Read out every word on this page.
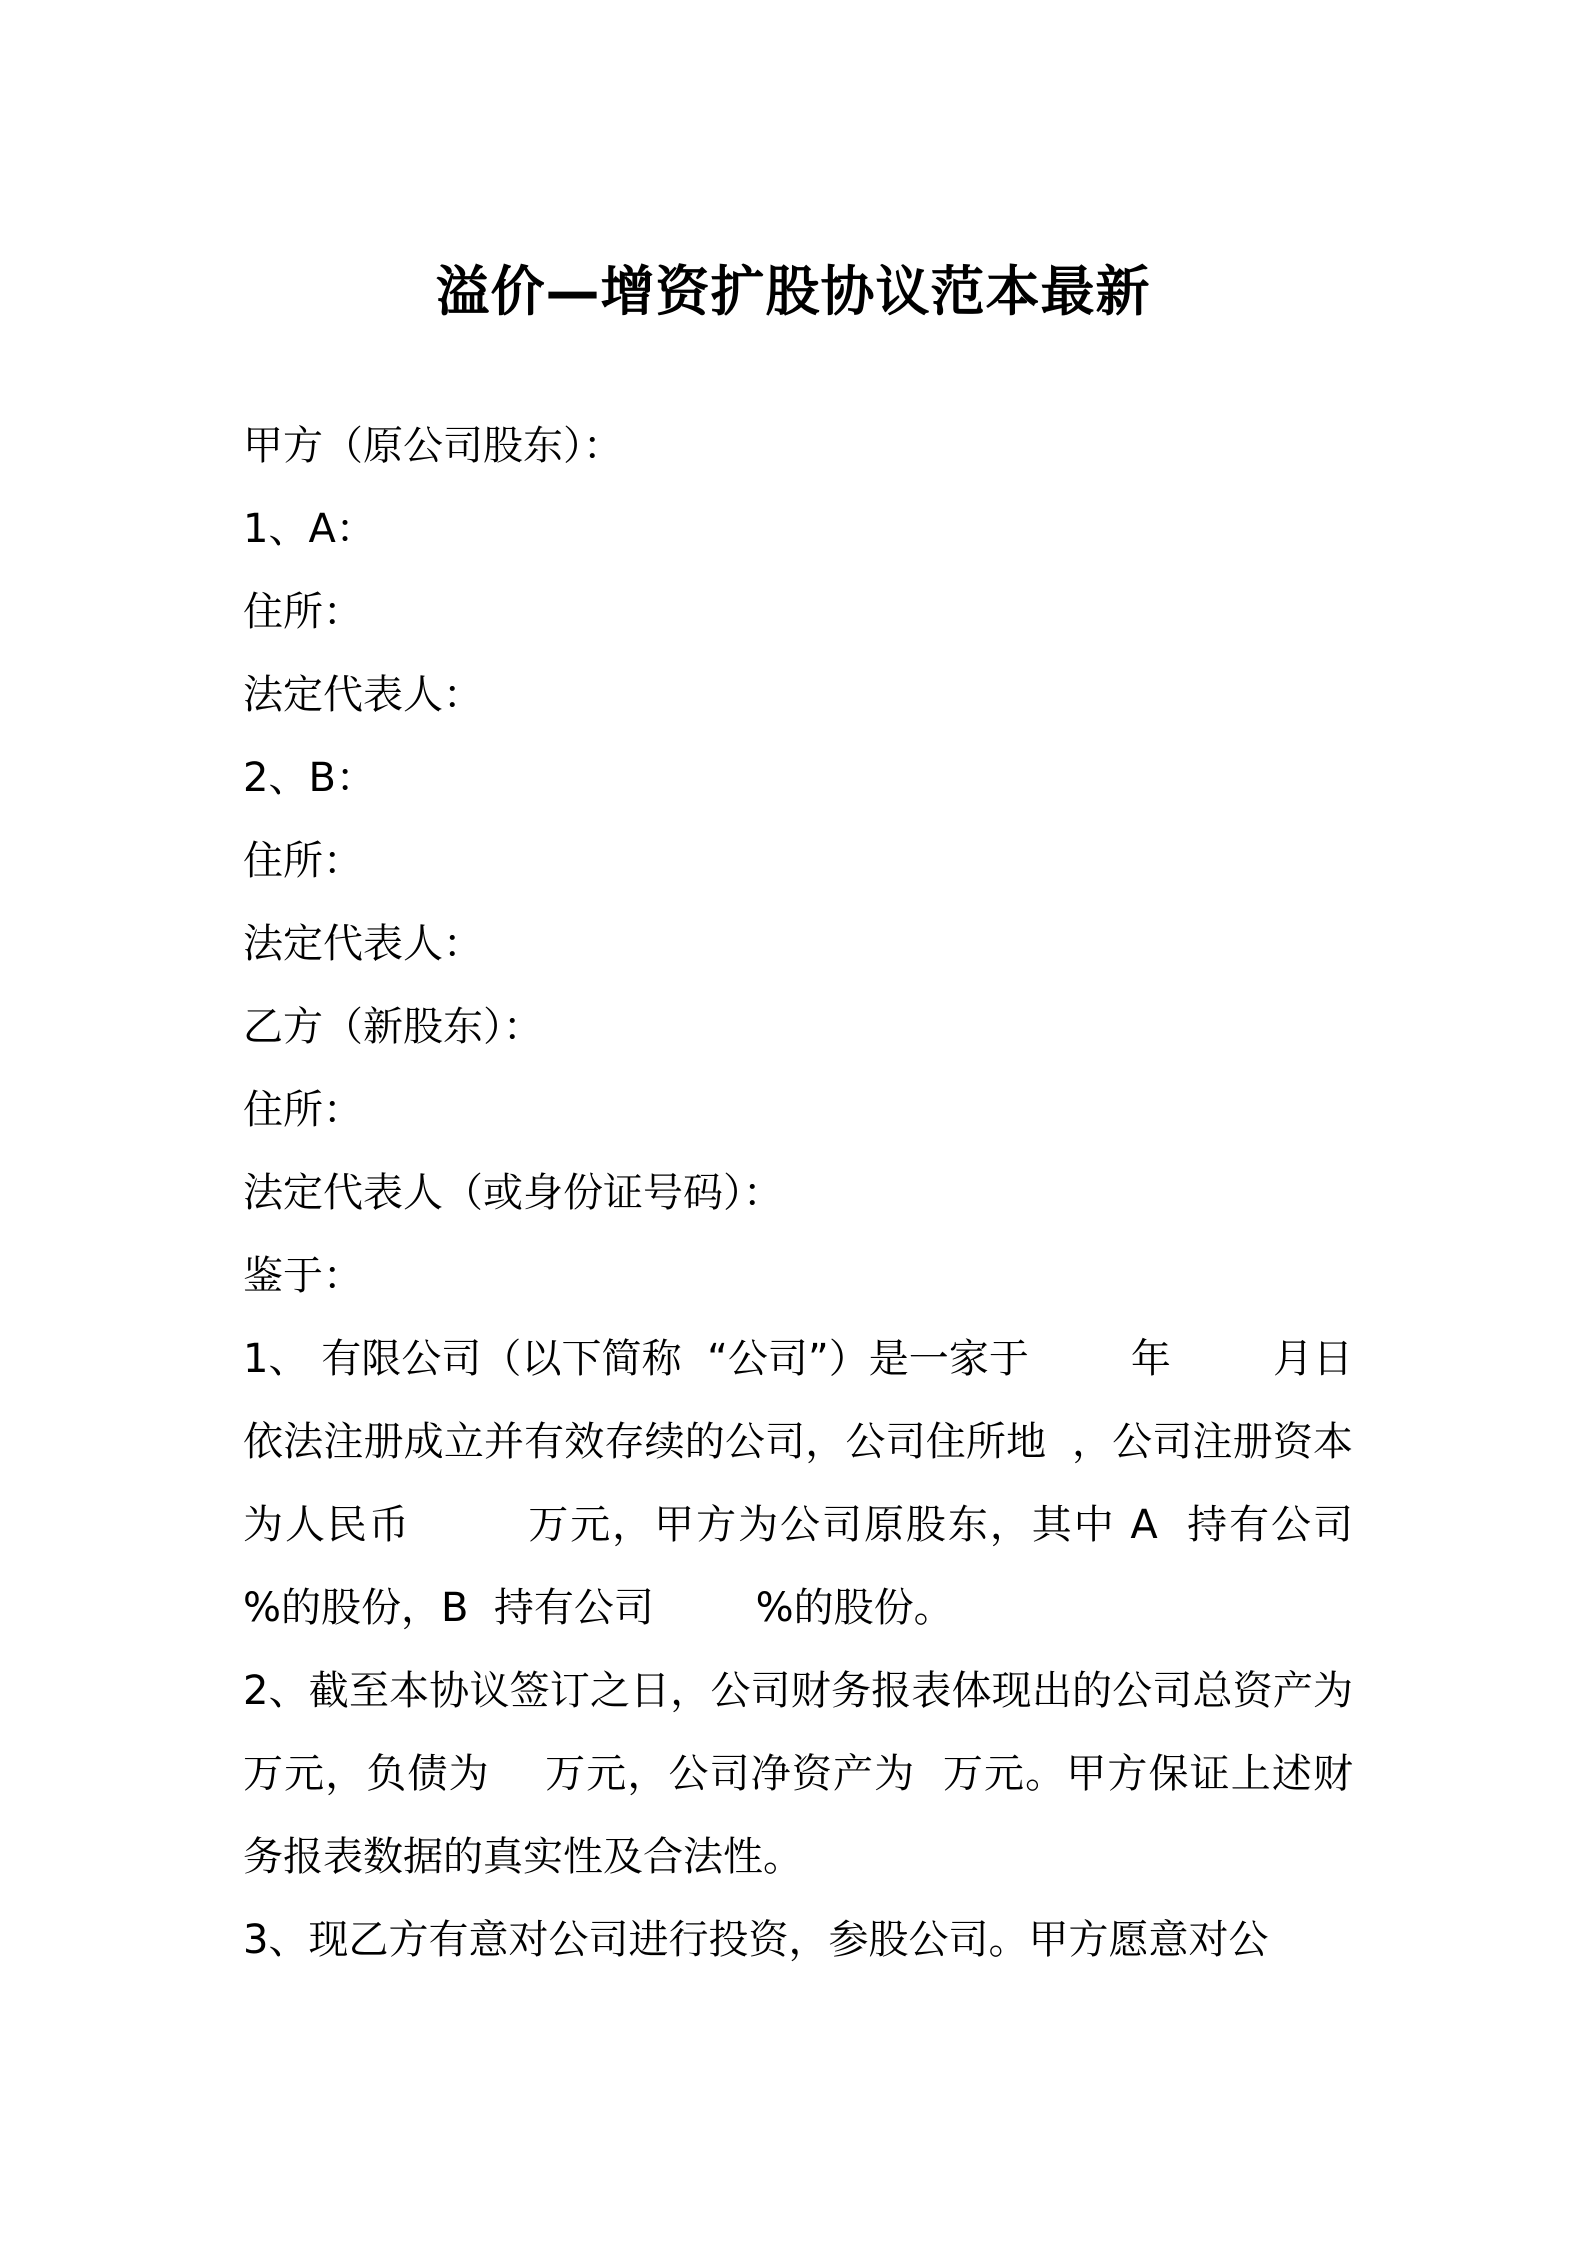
溢价—增资扩股协议范本最新
甲方（原公司股东）：
1、A：
住所：
法定代表人：
2、B：
住所：
法定代表人：
乙方（新股东）：
住所：
法定代表人（或身份证号码）：
鉴于：
1、 有限公司（以下简称  “公司”）是一家于        年        月日依法注册成立并有效存续的公司，公司住所地  ，公司注册资本为人民币        万元，甲方为公司原股东，其中 A  持有公司        %的股份，B  持有公司        %的股份。
2、截至本协议签订之日，公司财务报表体现出的公司总资产为  万元，负债为    万元，公司净资产为  万元。甲方保证上述财务报表数据的真实性及合法性。
3、现乙方有意对公司进行投资，参股公司。甲方愿意对公
